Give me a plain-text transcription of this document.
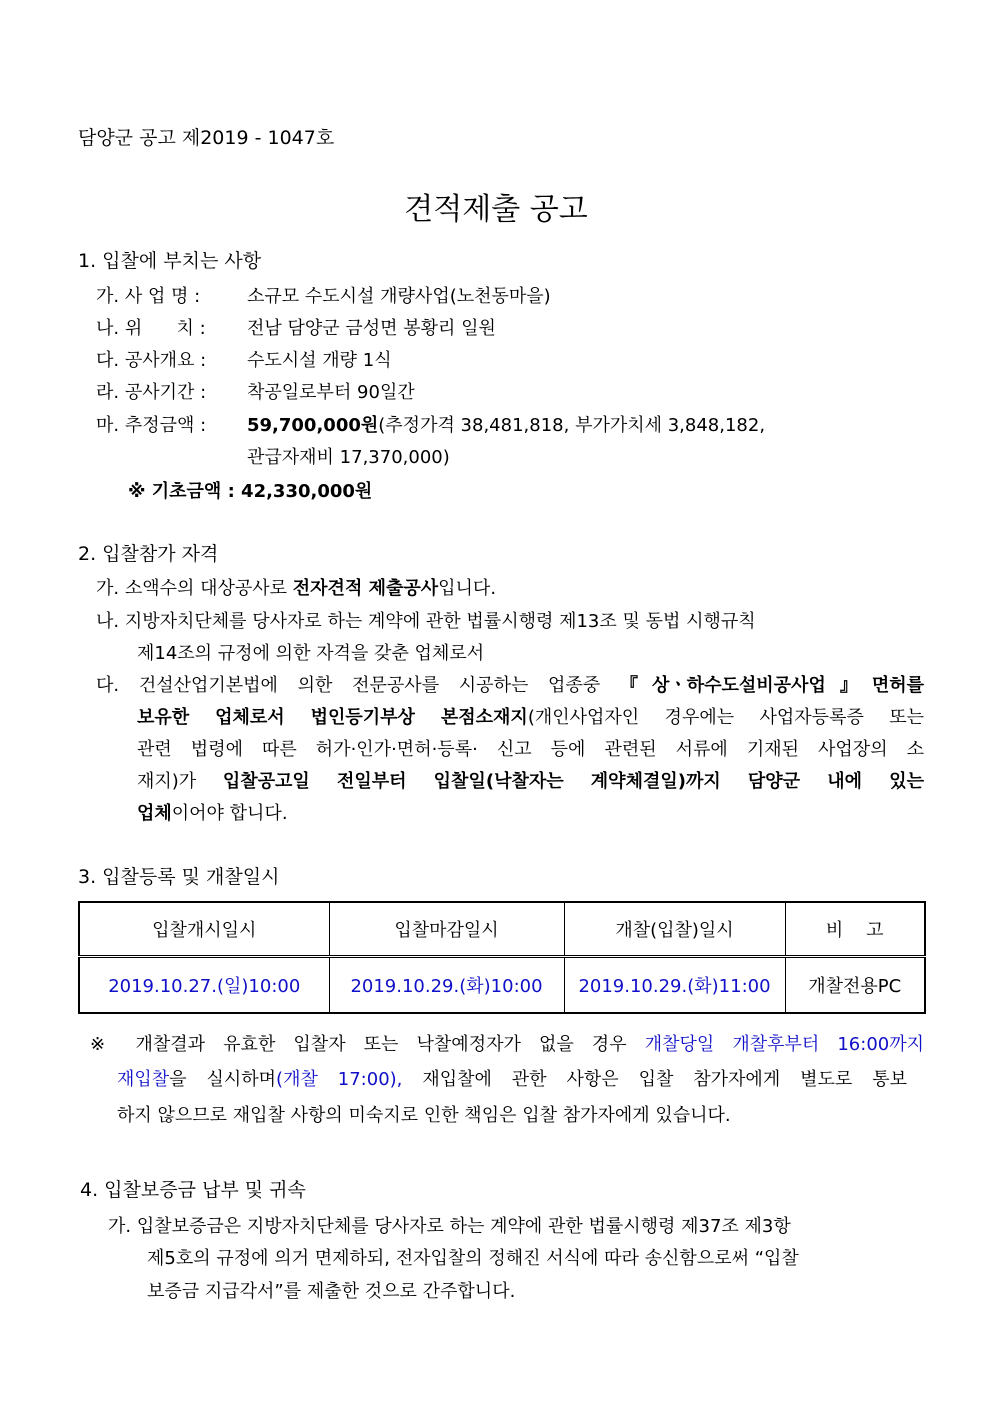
담양군 공고 제2019 - 1047호
견적제출 공고
1. 입찰에 부치는 사항
가. 사 업 명 :	소규모 수도시설 개량사업(노천동마을)
나. 위      치 : 전남 담양군 금성면 봉황리 일원
다. 공사개요 : 수도시설 개량 1식
라. 공사기간 : 착공일로부터 90일간
마. 추정금액 : 59,700,000원(추정가격 38,481,818, 부가가치세 3,848,182,
관급자재비 17,370,000)
※ 기초금액 : 42,330,000원
2. 입찰참가 자격
가. 소액수의 대상공사로 전자견적 제출공사입니다.
나. 지방자치단체를 당사자로 하는 계약에 관한 법률시행령 제13조 및 동법 시행규칙
제14조의 규정에 의한 자격을 갖춘 업체로서
다. 건설산업기본법에 의한 전문공사를 시공하는 업종중 『상ㆍ하수도설비공사업』면허를
보유한 업체로서 법인등기부상 본점소재지(개인사업자인 경우에는 사업자등록증 또는
관련 법령에 따른 허가·인가·면허·등록· 신고 등에 관련된 서류에 기재된 사업장의 소
재지)가 입찰공고일 전일부터 입찰일(낙찰자는 계약체결일)까지 담양군 내에 있는
업체이어야 합니다.
3. 입찰등록 및 개찰일시
입찰개시일시	입찰마감일시	개찰(입찰)일시	비    고
2019.10.27.(일)10:00	2019.10.29.(화)10:00	2019.10.29.(화)11:00	개찰전용PC
※ 개찰결과 유효한 입찰자 또는 낙찰예정자가 없을 경우 개찰당일 개찰후부터 16:00까지
재입찰을 실시하며(개찰 17:00), 재입찰에 관한 사항은 입찰 참가자에게 별도로 통보
하지 않으므로 재입찰 사항의 미숙지로 인한 책임은 입찰 참가자에게 있습니다.
4. 입찰보증금 납부 및 귀속
가. 입찰보증금은 지방자치단체를 당사자로 하는 계약에 관한 법률시행령 제37조 제3항
제5호의 규정에 의거 면제하되, 전자입찰의 정해진 서식에 따라 송신함으로써 “입찰
보증금 지급각서”를 제출한 것으로 간주합니다.
